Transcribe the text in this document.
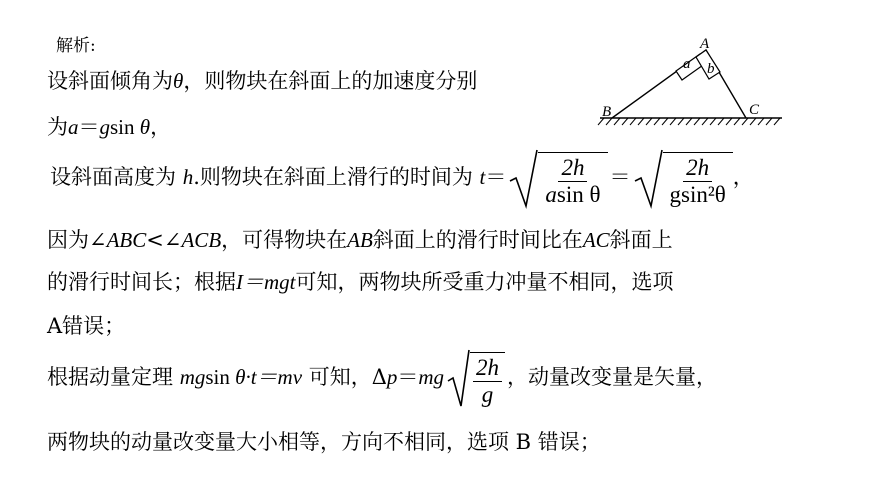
解析:
设斜面倾角为θ，则物块在斜面上的加速度分别
为a＝gsin θ，
设斜面高度为 h.则物块在斜面上滑行的时间为 $t= \frac{2h}{\text{asin θ}} = \frac{2h}{\text{gsin²θ}}$ ，
因为∠ABC<∠ACB，可得物块在AB斜面上的滑行时间比在AC斜面上
的滑行时间长；根据I＝mgt可知，两物块所受重力冲量不相同，选项
A错误；
根据动量定理 mgsin θ·t＝mv 可知，$\Delta p=mg \frac{2h}{g}$ ，动量改变量是矢量，
两物块的动量改变量大小相等，方向不相同，选项 B 错误；
a b
A
B	C
